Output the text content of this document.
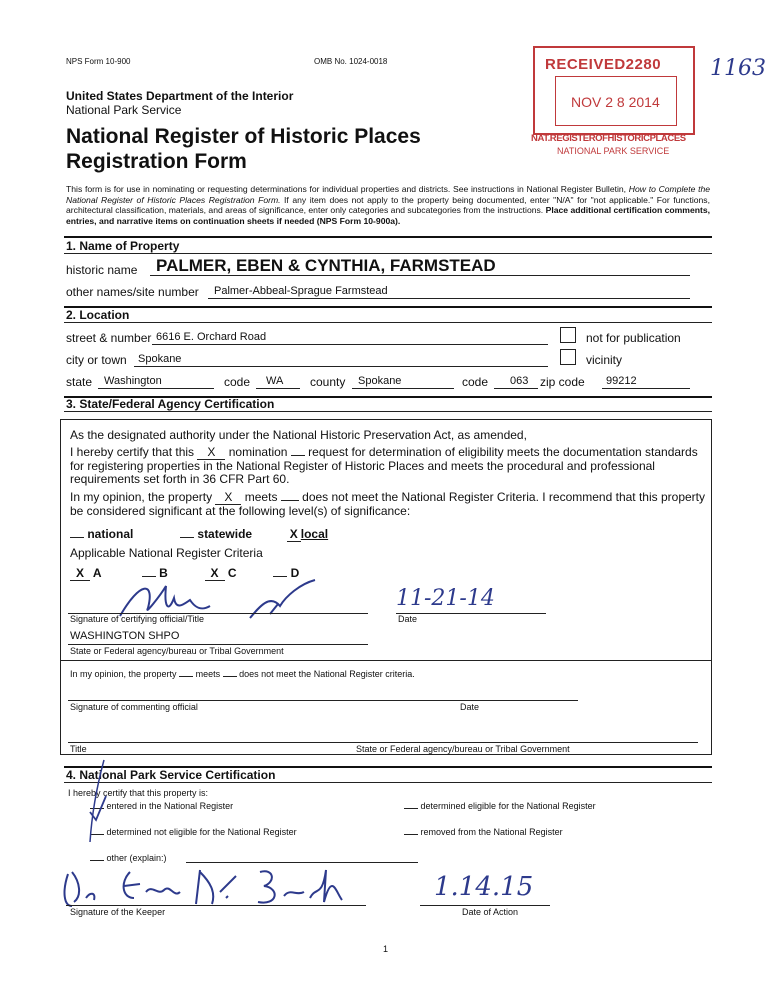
NPS Form 10-900	OMB No. 1024-0018
United States Department of the Interior
National Park Service
National Register of Historic Places
Registration Form
RECEIVED2280
NOV 2 8 2014
NAT.REGISTEROFHISTORICPLACES
NATIONAL PARK SERVICE
1163
This form is for use in nominating or requesting determinations for individual properties and districts. See instructions in National Register Bulletin, How to Complete the National Register of Historic Places Registration Form. If any item does not apply to the property being documented, enter "N/A" for "not applicable." For functions, architectural classification, materials, and areas of significance, enter only categories and subcategories from the instructions. Place additional certification comments, entries, and narrative items on continuation sheets if needed (NPS Form 10-900a).
1. Name of Property
historic name PALMER, EBEN & CYNTHIA, FARMSTEAD
other names/site number Palmer-Abbeal-Sprague Farmstead
2. Location
street & number 6616 E. Orchard Road	not for publication
city or town Spokane	vicinity
state Washington	code WA county Spokane	code 063 zip code 99212
3. State/Federal Agency Certification
As the designated authority under the National Historic Preservation Act, as amended,
I hereby certify that this X nomination request for determination of eligibility meets the documentation standards for registering properties in the National Register of Historic Places and meets the procedural and professional requirements set forth in 36 CFR Part 60.
In my opinion, the property X meets does not meet the National Register Criteria. I recommend that this property be considered significant at the following level(s) of significance:
national	statewide	X local
Applicable National Register Criteria
X A	B	X C	D
Signature of certifying official/Title
11-21-14
Date
WASHINGTON SHPO
State or Federal agency/bureau or Tribal Government
In my opinion, the property meets does not meet the National Register criteria.
Signature of commenting official	Date
Title	State or Federal agency/bureau or Tribal Government
4. National Park Service Certification
I hereby certify that this property is:
entered in the National Register	determined eligible for the National Register
determined not eligible for the National Register	removed from the National Register
other (explain:)
Signature of the Keeper
1.14.15
Date of Action
1
